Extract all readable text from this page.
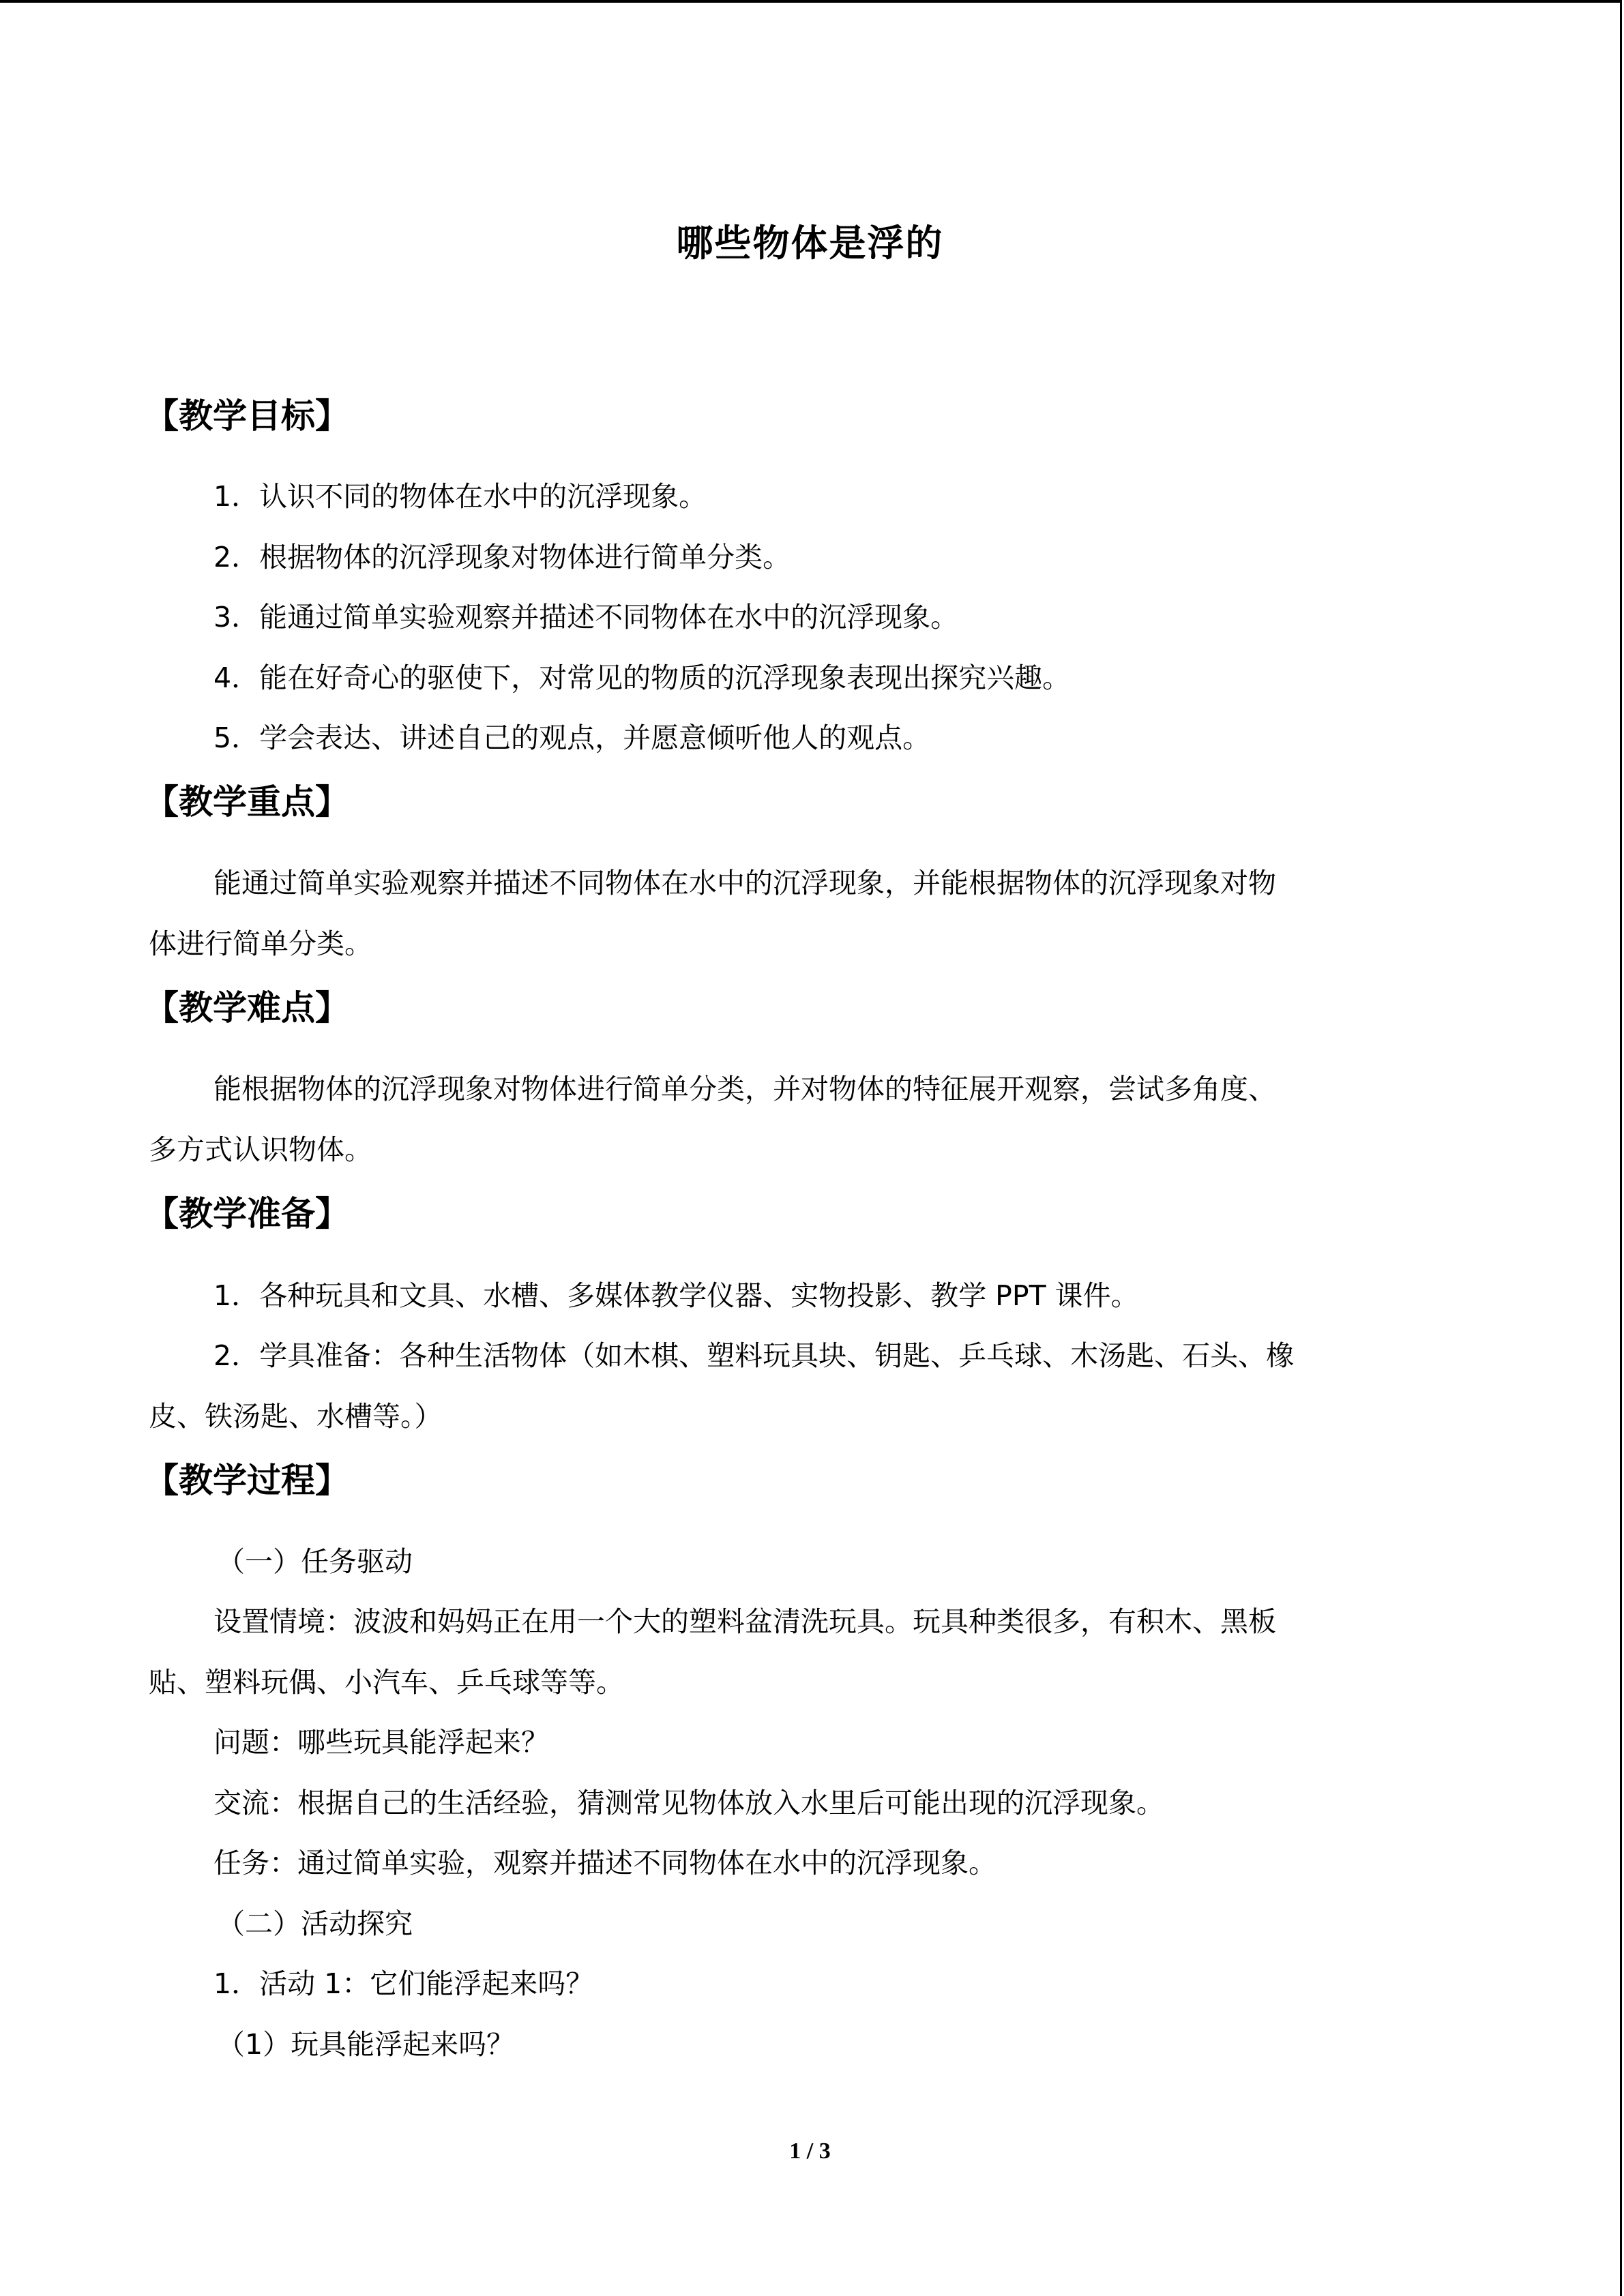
哪些物体是浮的
【教学目标】
1．认识不同的物体在水中的沉浮现象。
2．根据物体的沉浮现象对物体进行简单分类。
3．能通过简单实验观察并描述不同物体在水中的沉浮现象。
4．能在好奇心的驱使下，对常见的物质的沉浮现象表现出探究兴趣。
5．学会表达、讲述自己的观点，并愿意倾听他人的观点。
【教学重点】
能通过简单实验观察并描述不同物体在水中的沉浮现象，并能根据物体的沉浮现象对物
体进行简单分类。
【教学难点】
能根据物体的沉浮现象对物体进行简单分类，并对物体的特征展开观察，尝试多角度、
多方式认识物体。
【教学准备】
1．各种玩具和文具、水槽、多媒体教学仪器、实物投影、教学 PPT 课件。
2．学具准备：各种生活物体（如木棋、塑料玩具块、钥匙、乒乓球、木汤匙、石头、橡
皮、铁汤匙、水槽等。）
【教学过程】
（一）任务驱动
设置情境：波波和妈妈正在用一个大的塑料盆清洗玩具。玩具种类很多，有积木、黑板
贴、塑料玩偶、小汽车、乒乓球等等。
问题：哪些玩具能浮起来？
交流：根据自己的生活经验，猜测常见物体放入水里后可能出现的沉浮现象。
任务：通过简单实验，观察并描述不同物体在水中的沉浮现象。
（二）活动探究
1．活动 1：它们能浮起来吗？
（1）玩具能浮起来吗？
1 / 3
